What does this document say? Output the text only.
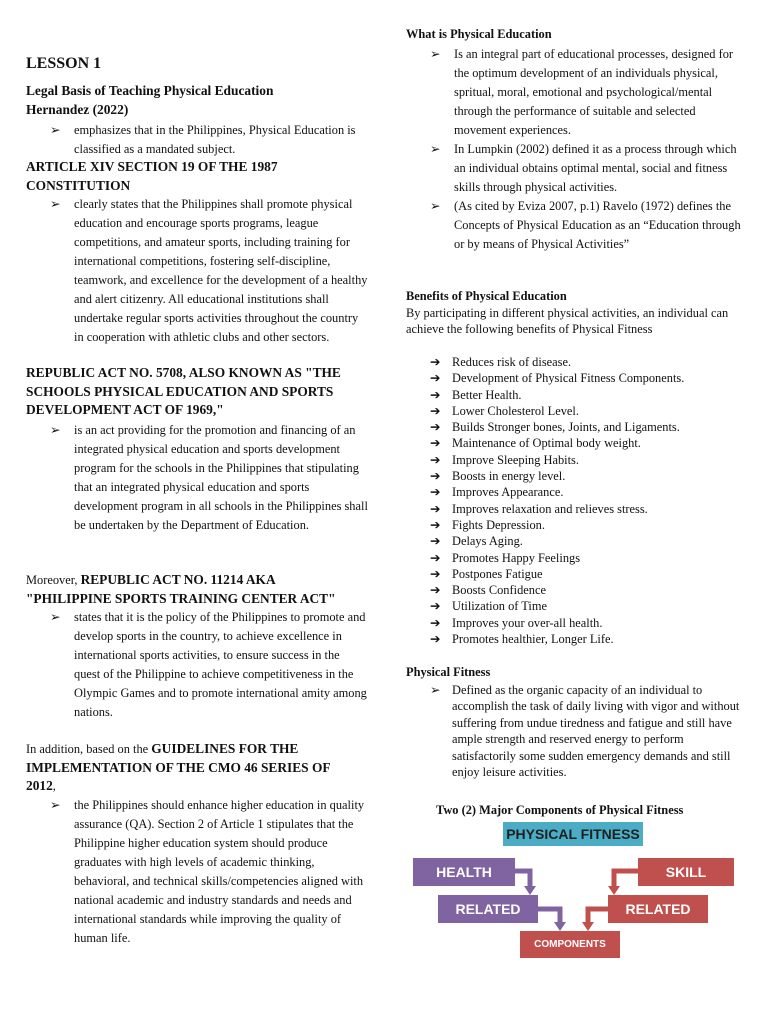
LESSON 1
Legal Basis of Teaching Physical Education
Hernandez (2022)
➢	emphasizes that in the Philippines, Physical Education is classified as a mandated subject.
ARTICLE XIV SECTION 19 OF THE 1987 CONSTITUTION
➢	clearly states that the Philippines shall promote physical education and encourage sports programs, league competitions, and amateur sports, including training for international competitions, fostering self-discipline, teamwork, and excellence for the development of a healthy and alert citizenry. All educational institutions shall undertake regular sports activities throughout the country in cooperation with athletic clubs and other sectors.
REPUBLIC ACT NO. 5708, ALSO KNOWN AS "THE SCHOOLS PHYSICAL EDUCATION AND SPORTS DEVELOPMENT ACT OF 1969,"
➢	is an act providing for the promotion and financing of an integrated physical education and sports development program for the schools in the Philippines that stipulating that an integrated physical education and sports development program in all schools in the Philippines shall be undertaken by the Department of Education.
Moreover, REPUBLIC ACT NO. 11214 AKA "PHILIPPINE SPORTS TRAINING CENTER ACT"
➢	states that it is the policy of the Philippines to promote and develop sports in the country, to achieve excellence in international sports activities, to ensure success in the quest of the Philippine to achieve competitiveness in the Olympic Games and to promote international amity among nations.
In addition, based on the GUIDELINES FOR THE IMPLEMENTATION OF THE CMO 46 SERIES OF 2012,
➢	the Philippines should enhance higher education in quality assurance (QA). Section 2 of Article 1 stipulates that the Philippine higher education system should produce graduates with high levels of academic thinking, behavioral, and technical skills/competencies aligned with national academic and industry standards and needs and international standards while improving the quality of human life.
What is Physical Education
➢	Is an integral part of educational processes, designed for the optimum development of an individuals physical, spritual, moral, emotional and psychological/mental through the performance of suitable and selected movement experiences.
➢	In Lumpkin (2002) defined it as a process through which an individual obtains optimal mental, social and fitness skills through physical activities.
➢	(As cited by Eviza 2007, p.1) Ravelo (1972) defines the Concepts of Physical Education as an “Education through or by means of Physical Activities”
Benefits of Physical Education
By participating in different physical activities, an individual can achieve the following benefits of Physical Fitness
➔ Reduces risk of disease.
➔ Development of Physical Fitness Components.
➔ Better Health.
➔ Lower Cholesterol Level.
➔ Builds Stronger bones, Joints, and Ligaments.
➔ Maintenance of Optimal body weight.
➔ Improve Sleeping Habits.
➔ Boosts in energy level.
➔ Improves Appearance.
➔ Improves relaxation and relieves stress.
➔ Fights Depression.
➔ Delays Aging.
➔ Promotes Happy Feelings
➔ Postpones Fatigue
➔ Boosts Confidence
➔ Utilization of Time
➔ Improves your over-all health.
➔ Promotes healthier, Longer Life.
Physical Fitness
➢ Defined as the organic capacity of an individual to accomplish the task of daily living with vigor and without suffering from undue tiredness and fatigue and still have ample strength and reserved energy to perform satisfactorily some sudden emergency demands and still enjoy leisure activities.
Two (2) Major Components of Physical Fitness
PHYSICAL FITNESS
HEALTH
RELATED
SKILL
RELATED
COMPONENTS
